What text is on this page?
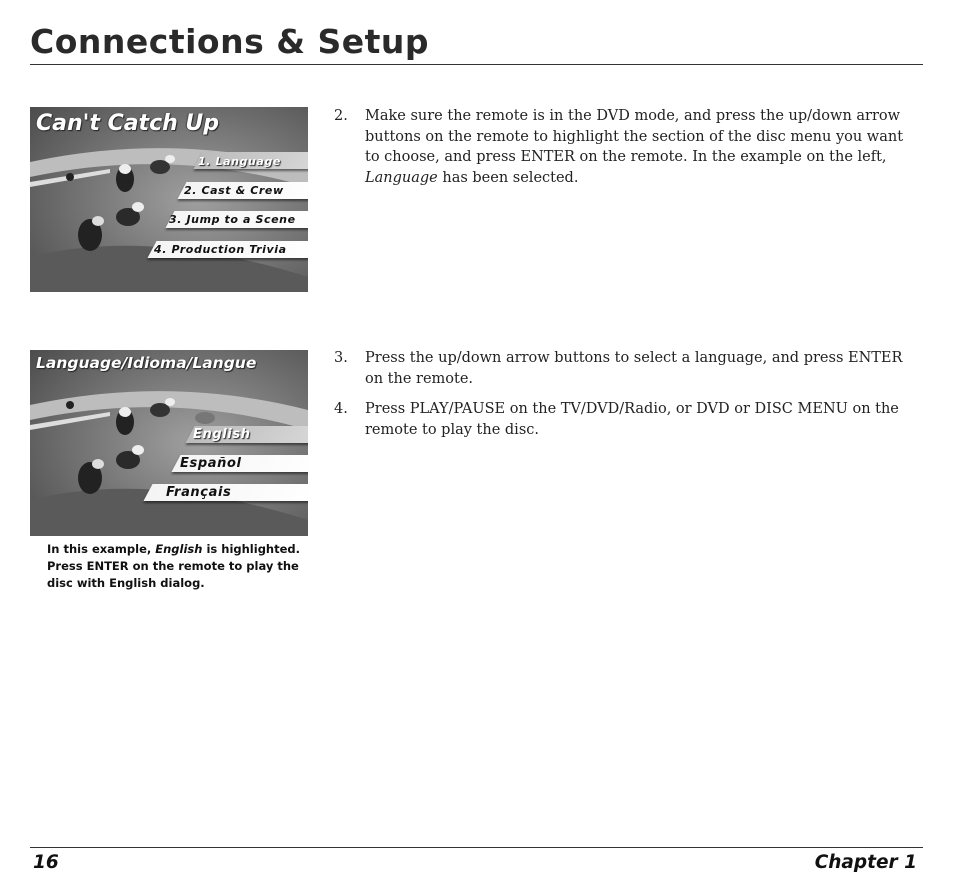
Connections & Setup
Can't Catch Up
1. Language
2. Cast & Crew
3. Jump to a Scene
4. Production Trivia
2. Make sure the remote is in the DVD mode, and press the up/down arrow buttons on the remote to highlight the section of the disc menu you want to choose, and press ENTER on the remote. In the example on the left, Language has been selected.
Language/Idioma/Langue
English
Español
Français
In this example, English is highlighted. Press ENTER on the remote to play the disc with English dialog.
3. Press the up/down arrow buttons to select a language, and press ENTER on the remote.
4. Press PLAY/PAUSE on the TV/DVD/Radio, or DVD or DISC MENU on the remote to play the disc.
16	Chapter 1
